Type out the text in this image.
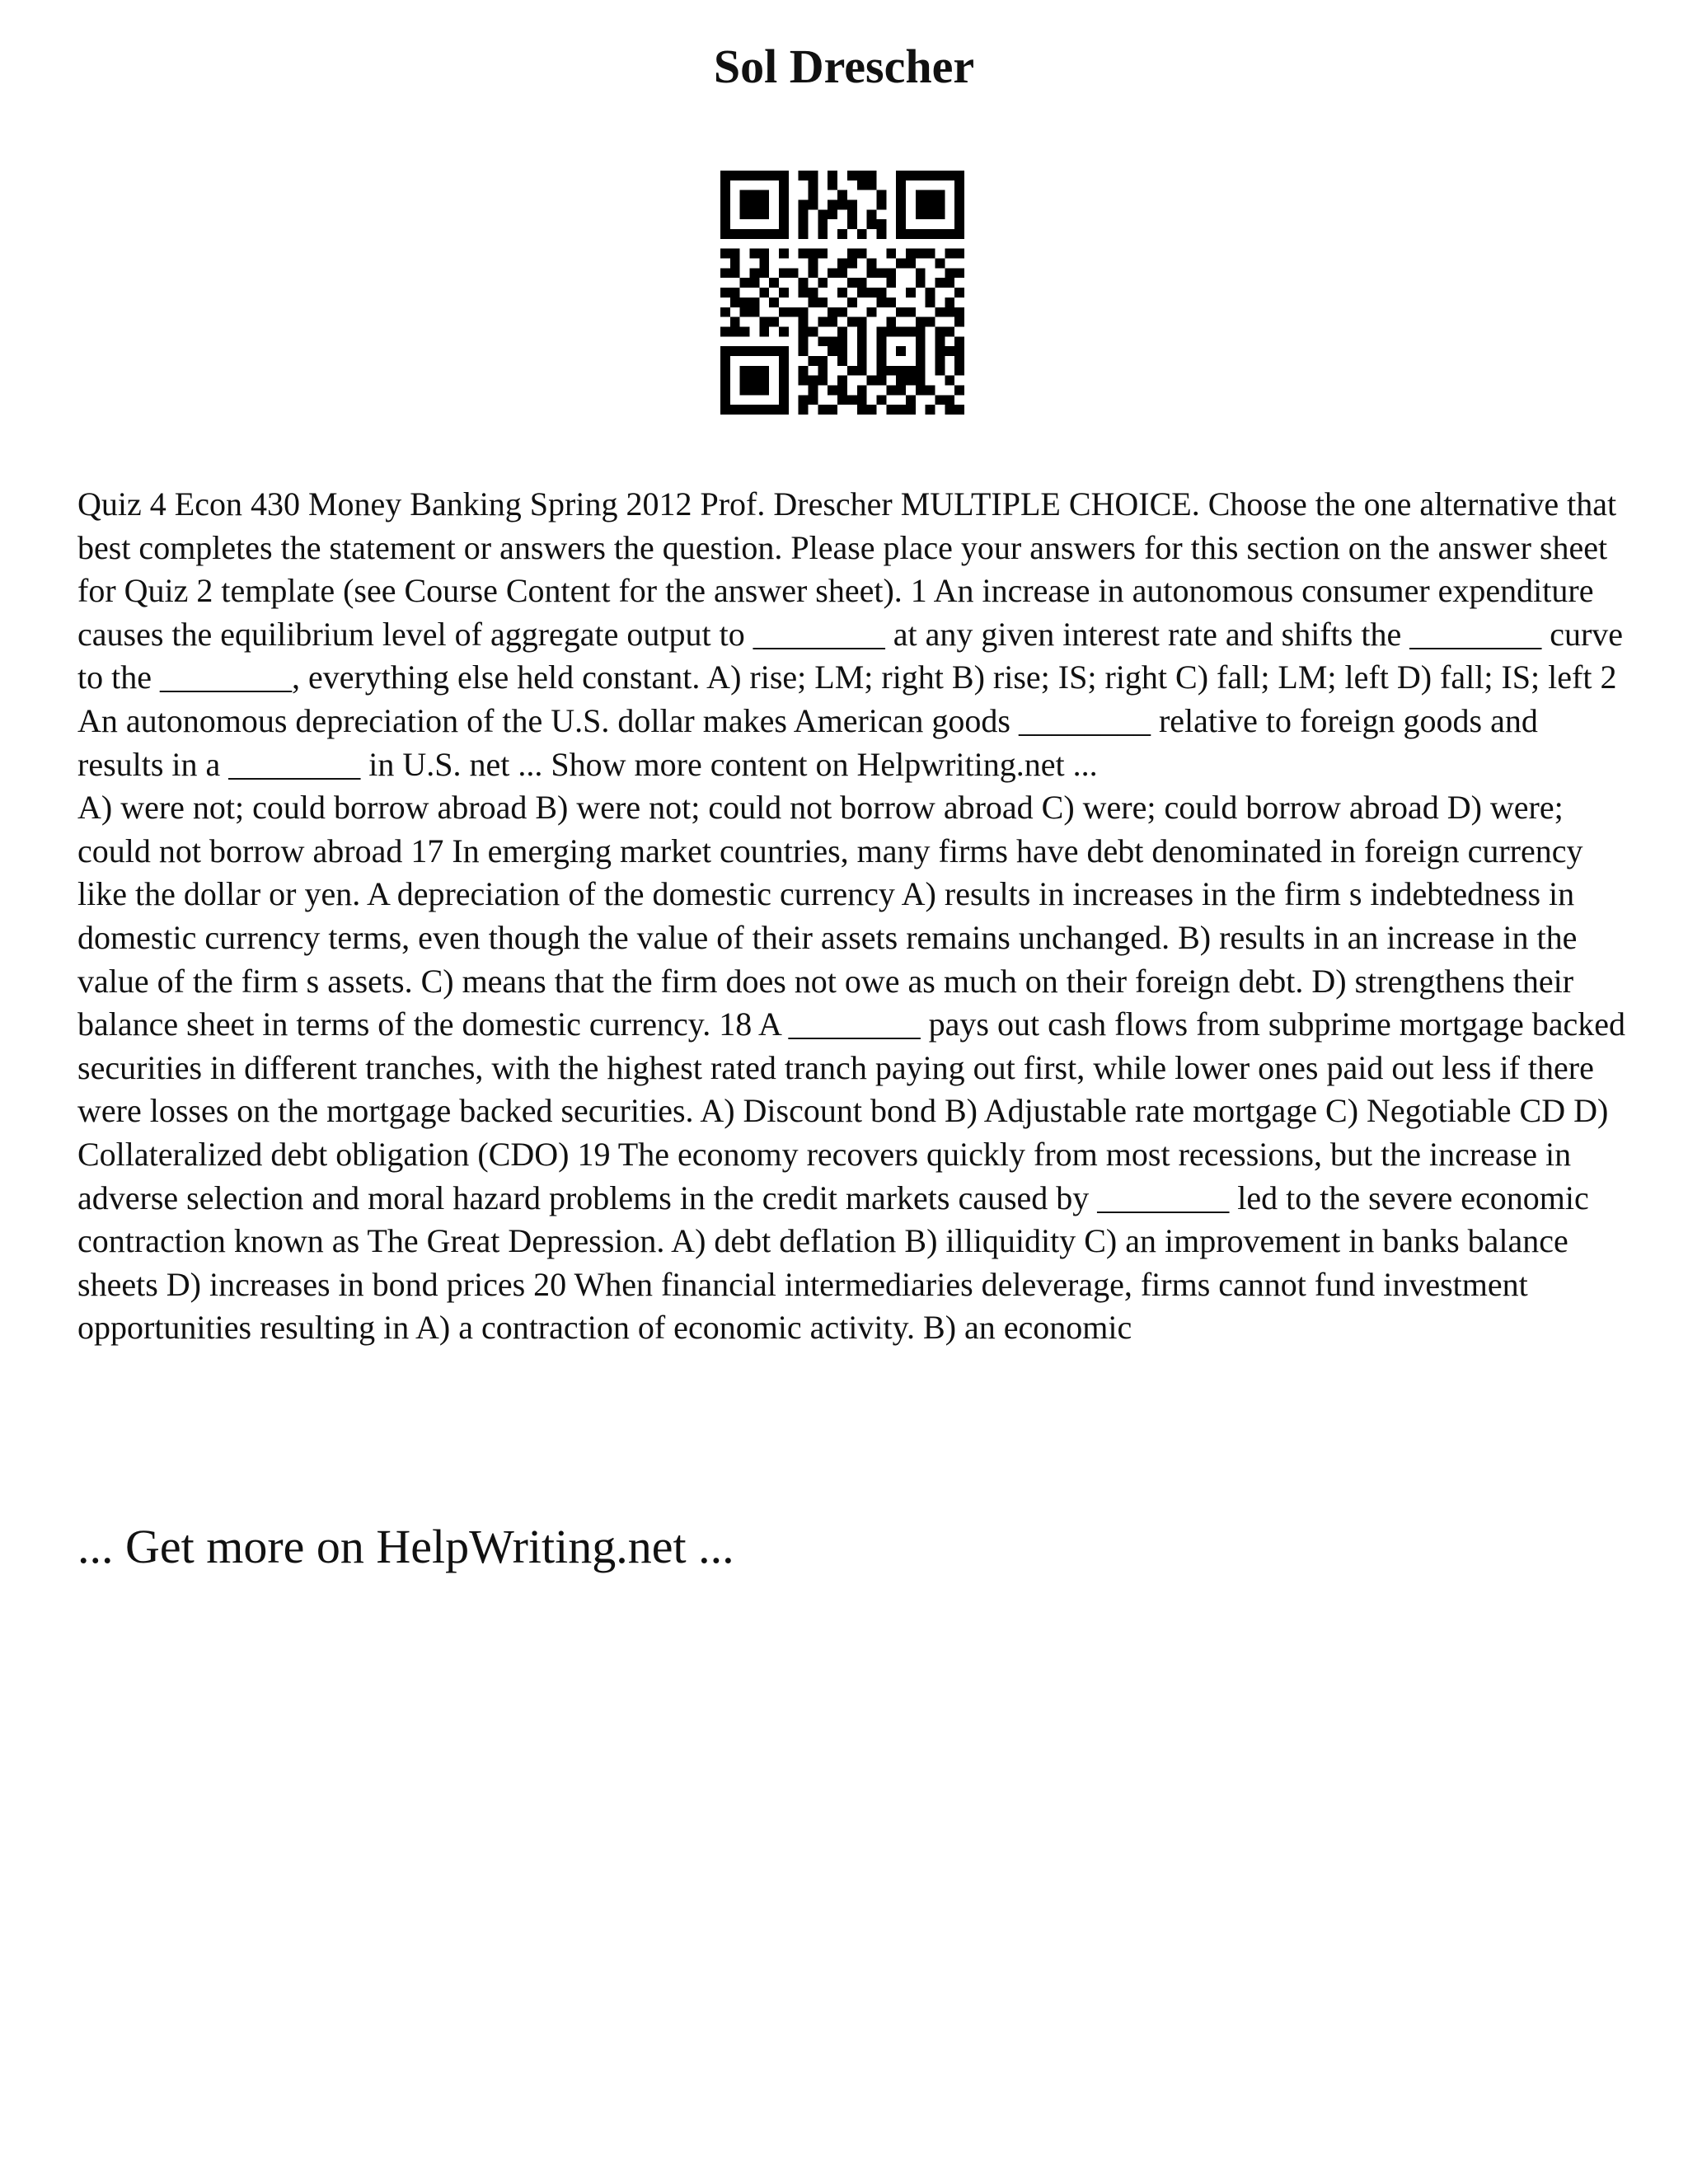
Sol Drescher

Quiz 4 Econ 430 Money Banking Spring 2012 Prof. Drescher MULTIPLE CHOICE. Choose the one alternative that best completes the statement or answers the question. Please place your answers for this section on the answer sheet for Quiz 2 template (see Course Content for the answer sheet). 1 An increase in autonomous consumer expenditure causes the equilibrium level of aggregate output to ________ at any given interest rate and shifts the ________ curve to the ________, everything else held constant. A) rise; LM; right B) rise; IS; right C) fall; LM; left D) fall; IS; left 2 An autonomous depreciation of the U.S. dollar makes American goods ________ relative to foreign goods and results in a ________ in U.S. net ... Show more content on Helpwriting.net ...

A) were not; could borrow abroad B) were not; could not borrow abroad C) were; could borrow abroad D) were; could not borrow abroad 17 In emerging market countries, many firms have debt denominated in foreign currency like the dollar or yen. A depreciation of the domestic currency A) results in increases in the firm s indebtedness in domestic currency terms, even though the value of their assets remains unchanged. B) results in an increase in the value of the firm s assets. C) means that the firm does not owe as much on their foreign debt. D) strengthens their balance sheet in terms of the domestic currency. 18 A ________ pays out cash flows from subprime mortgage backed securities in different tranches, with the highest rated tranch paying out first, while lower ones paid out less if there were losses on the mortgage backed securities. A) Discount bond B) Adjustable rate mortgage C) Negotiable CD D) Collateralized debt obligation (CDO) 19 The economy recovers quickly from most recessions, but the increase in adverse selection and moral hazard problems in the credit markets caused by ________ led to the severe economic contraction known as The Great Depression. A) debt deflation B) illiquidity C) an improvement in banks balance sheets D) increases in bond prices 20 When financial intermediaries deleverage, firms cannot fund investment opportunities resulting in A) a contraction of economic activity. B) an economic

... Get more on HelpWriting.net ...
